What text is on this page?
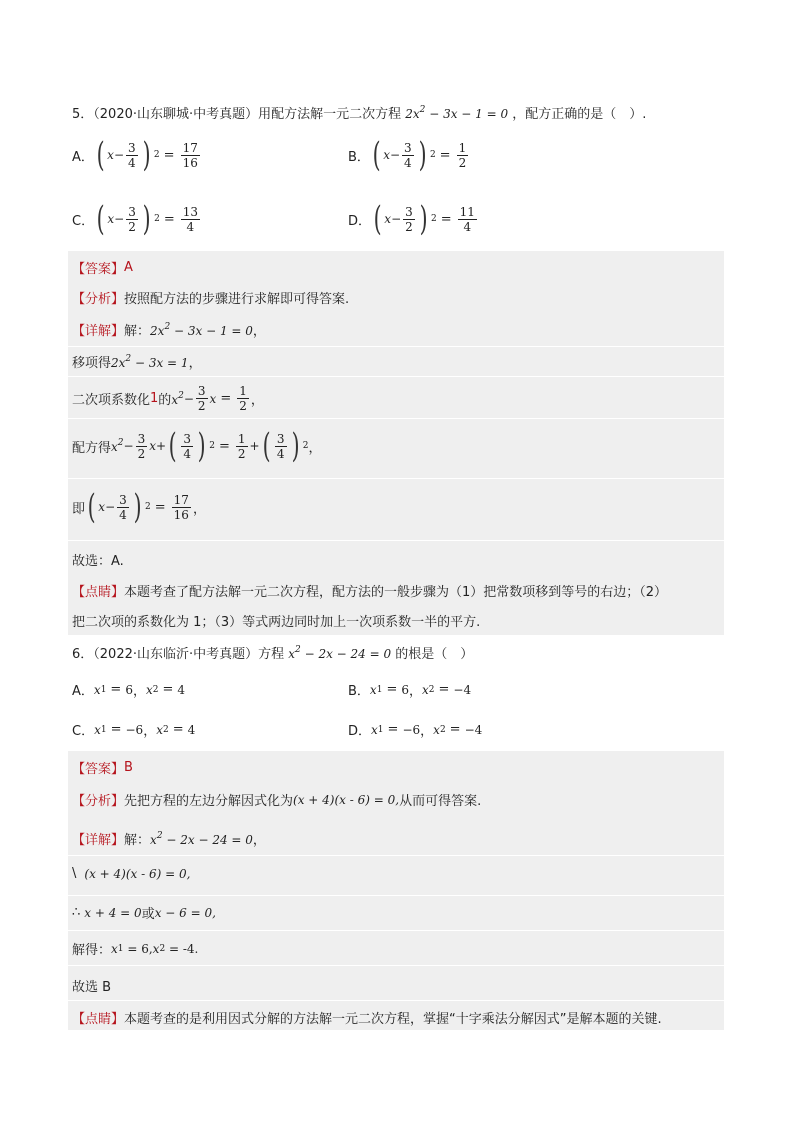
5．（2020·山东聊城·中考真题）用配方法解一元二次方程 $2x^2 - 3x - 1 = 0$ ，配方正确的是（　）.
A． ( $x - \frac{3}{4}$ ) $2 = \frac{17}{16}$	B． ( $x - \frac{3}{4}$ ) $2 = \frac{1}{2}$
C． ( $x - \frac{3}{2}$ ) $2 = \frac{13}{4}$	D． ( $x - \frac{3}{2}$ ) $2 = \frac{11}{4}$
【答案】 A
【分析】 按照配方法的步骤进行求解即可得答案.
【详解】 解： $2x^2 - 3x - 1 = 0$ ，
移项得 $2x^2 - 3x = 1$ ，
二次项系数化 1 的 $x^2 - \frac{3}{2}$ $x = \frac{1}{2}$ ，
配方得 $x^2 - \frac{3}{2}$ x + ( $\frac{3}{4}$ ) $2 = \frac{1}{2}$ + ( $\frac{3}{4}$ ) 2 ，
即 ( $x - \frac{3}{4}$ ) $2 = \frac{17}{16}$ ，
故选：A.
【点睛】 本题考查了配方法解一元二次方程，配方法的一般步骤为（1）把常数项移到等号的右边；（2）
把二次项的系数化为 1；（3）等式两边同时加上一次项系数一半的平方.
6．（2022·山东临沂·中考真题）方程 $x^2 - 2x - 24 = 0$ 的根是（　）
A． x 1 = 6 ， x 2 = 4	B． x 1 = 6 ， x 2 = −4
C． x 1 = −6 ， x 2 = 4	D． x 1 = −6 ， x 2 = −4
【答案】 B
【分析】 先把方程的左边分解因式化为 (x + 4)(x - 6) = 0, 从而可得答案.
【详解】 解： $x^2 - 2x - 24 = 0$ ，
\ (x + 4)(x - 6) = 0,
∴ x + 4 = 0 或 x − 6 = 0,
解得： x 1 = 6, x 2 = -4.
故选 B
【点睛】 本题考查的是利用因式分解的方法解一元二次方程，掌握“十字乘法分解因式”是解本题的关键.
